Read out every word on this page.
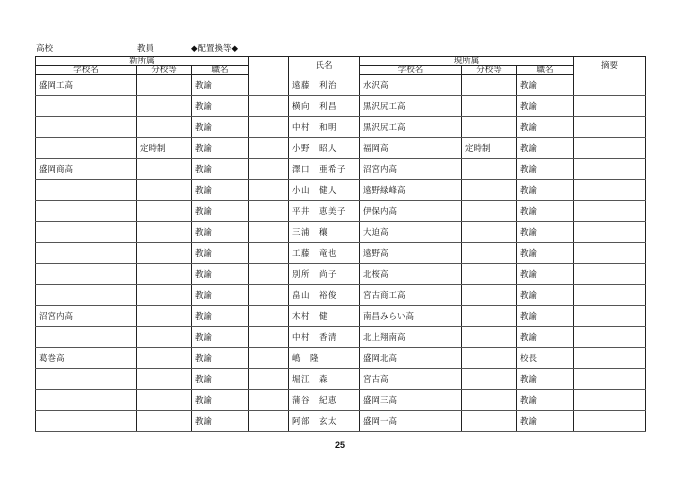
高校	教員	◆配置換等◆
新所属				氏名	現所属			摘要
学校名	分校等	職名			学校名	分校等	職名	
盛岡工高		教諭		遠藤　利治	水沢高		教諭	
		教諭		横向　利昌	黒沢尻工高		教諭	
		教諭		中村　和明	黒沢尻工高		教諭	
	定時制	教諭		小野　昭人	福岡高	定時制	教諭	
盛岡商高		教諭		澤口　亜希子	沼宮内高		教諭	
		教諭		小山　健人	遠野緑峰高		教諭	
		教諭		平井　恵美子	伊保内高		教諭	
		教諭		三浦　穰	大迫高		教諭	
		教諭		工藤　竜也	遠野高		教諭	
		教諭		別所　尚子	北桜高		教諭	
		教諭		畠山　裕俊	宮古商工高		教諭	
沼宮内高		教諭		木村　健	南昌みらい高		教諭	
		教諭		中村　香清	北上翔南高		教諭	
葛巻高		教諭		嶋　隆	盛岡北高		校長	
		教諭		堀江　森	宮古高		教諭	
		教諭		蒲谷　紀恵	盛岡三高		教諭	
		教諭		阿部　玄太	盛岡一高		教諭	
25
